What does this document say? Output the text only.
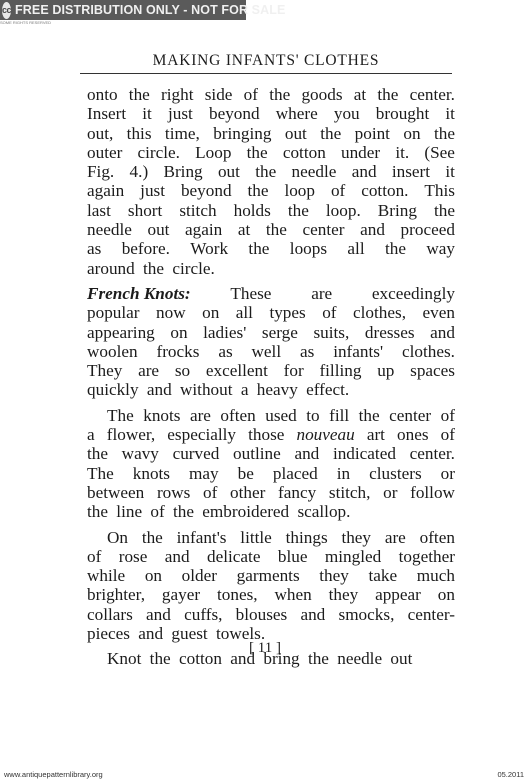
cc FREE DISTRIBUTION ONLY - NOT FOR SALE
SOME RIGHTS RESERVED
MAKING INFANTS' CLOTHES
onto the right side of the goods at the center.
Insert it just beyond where you brought it
out, this time, bringing out the point on the
outer circle. Loop the cotton under it. (See
Fig. 4.) Bring out the needle and insert it
again just beyond the loop of cotton. This
last short stitch holds the loop. Bring the
needle out again at the center and proceed
as before. Work the loops all the way
around the circle.
French Knots: These are exceedingly
popular now on all types of clothes, even
appearing on ladies' serge suits, dresses and
woolen frocks as well as infants' clothes.
They are so excellent for filling up spaces
quickly and without a heavy effect.
The knots are often used to fill the center of
a flower, especially those nouveau art ones of
the wavy curved outline and indicated center.
The knots may be placed in clusters or
between rows of other fancy stitch, or follow
the line of the embroidered scallop.
On the infant's little things they are often
of rose and delicate blue mingled together
while on older garments they take much
brighter, gayer tones, when they appear on
collars and cuffs, blouses and smocks, center-
pieces and guest towels.
Knot the cotton and bring the needle out
[ 11 ]
www.antiquepatternlibrary.org	05.2011
